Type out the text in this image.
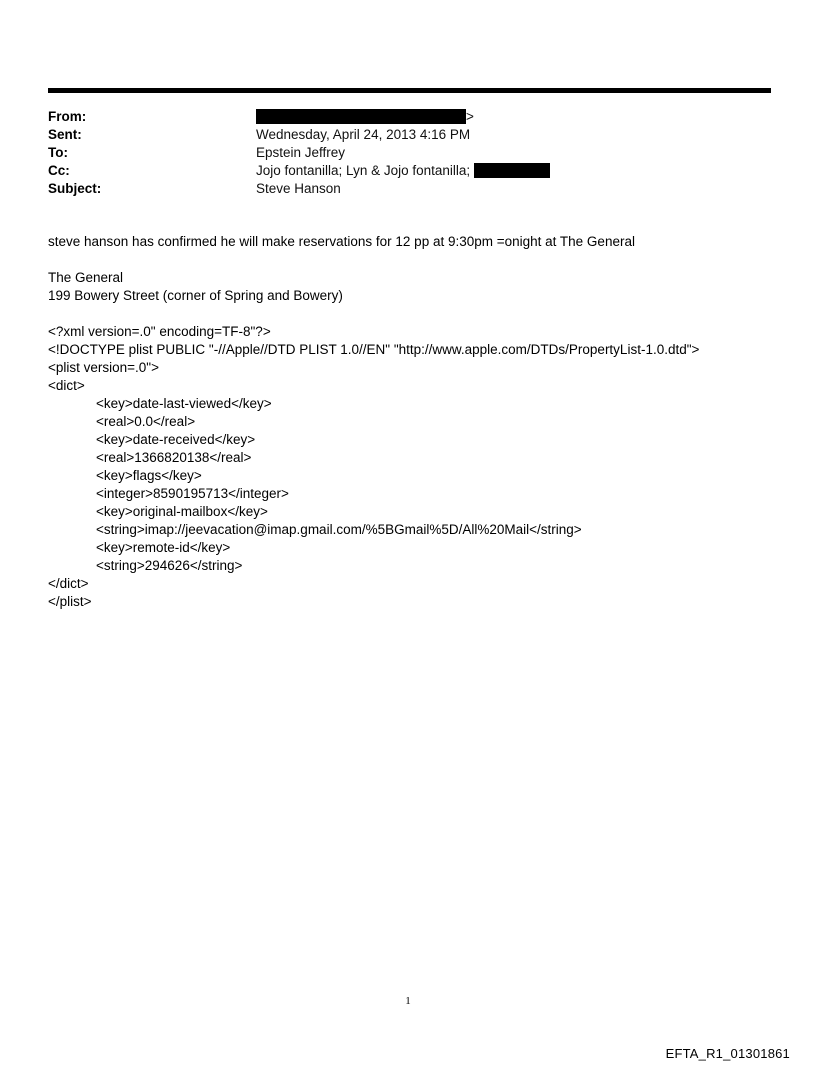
From:	>
Sent:	Wednesday, April 24, 2013 4:16 PM
To:	Epstein Jeffrey
Cc:	Jojo fontanilla; Lyn & Jojo fontanilla;
Subject:	Steve Hanson

steve hanson has confirmed he will make reservations for 12 pp at 9:30pm =onight at The General

The General

199 Bowery Street (corner of Spring and Bowery)

<?xml version=.0" encoding=TF-8"?>

<!DOCTYPE plist PUBLIC "-//Apple//DTD PLIST 1.0//EN" "http://www.apple.com/DTDs/PropertyList-1.0.dtd">

<plist version=.0">

<dict>

<key>date-last-viewed</key>

<real>0.0</real>

<key>date-received</key>

<real>1366820138</real>

<key>flags</key>

<integer>8590195713</integer>

<key>original-mailbox</key>

<string>imap://jeevacation@imap.gmail.com/%5BGmail%5D/All%20Mail</string>

<key>remote-id</key>

<string>294626</string>

</dict>

</plist>

1
EFTA_R1_01301861
